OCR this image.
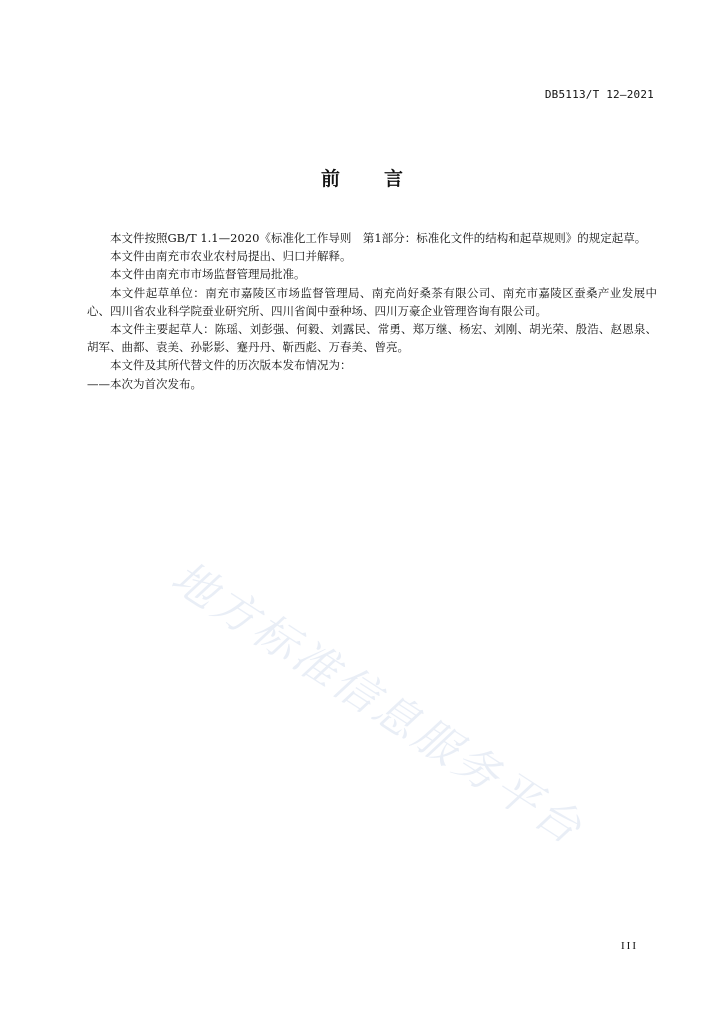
DB5113/T 12—2021
前言

本文件按照GB/T 1.1—2020《标准化工作导则　第1部分：标准化文件的结构和起草规则》的规定起草。

本文件由南充市农业农村局提出、归口并解释。

本文件由南充市市场监督管理局批准。

本文件起草单位：南充市嘉陵区市场监督管理局、南充尚好桑茶有限公司、南充市嘉陵区蚕桑产业发展中心、四川省农业科学院蚕业研究所、四川省阆中蚕种场、四川万豪企业管理咨询有限公司。

本文件主要起草人：陈瑶、刘彭强、何毅、刘露民、常勇、郑万继、杨宏、刘刚、胡光荣、殷浩、赵恩泉、胡军、曲都、袁美、孙影影、蹇丹丹、靳西彪、万春美、曾亮。

本文件及其所代替文件的历次版本发布情况为：

——本次为首次发布。

地方标准信息服务平台
III
